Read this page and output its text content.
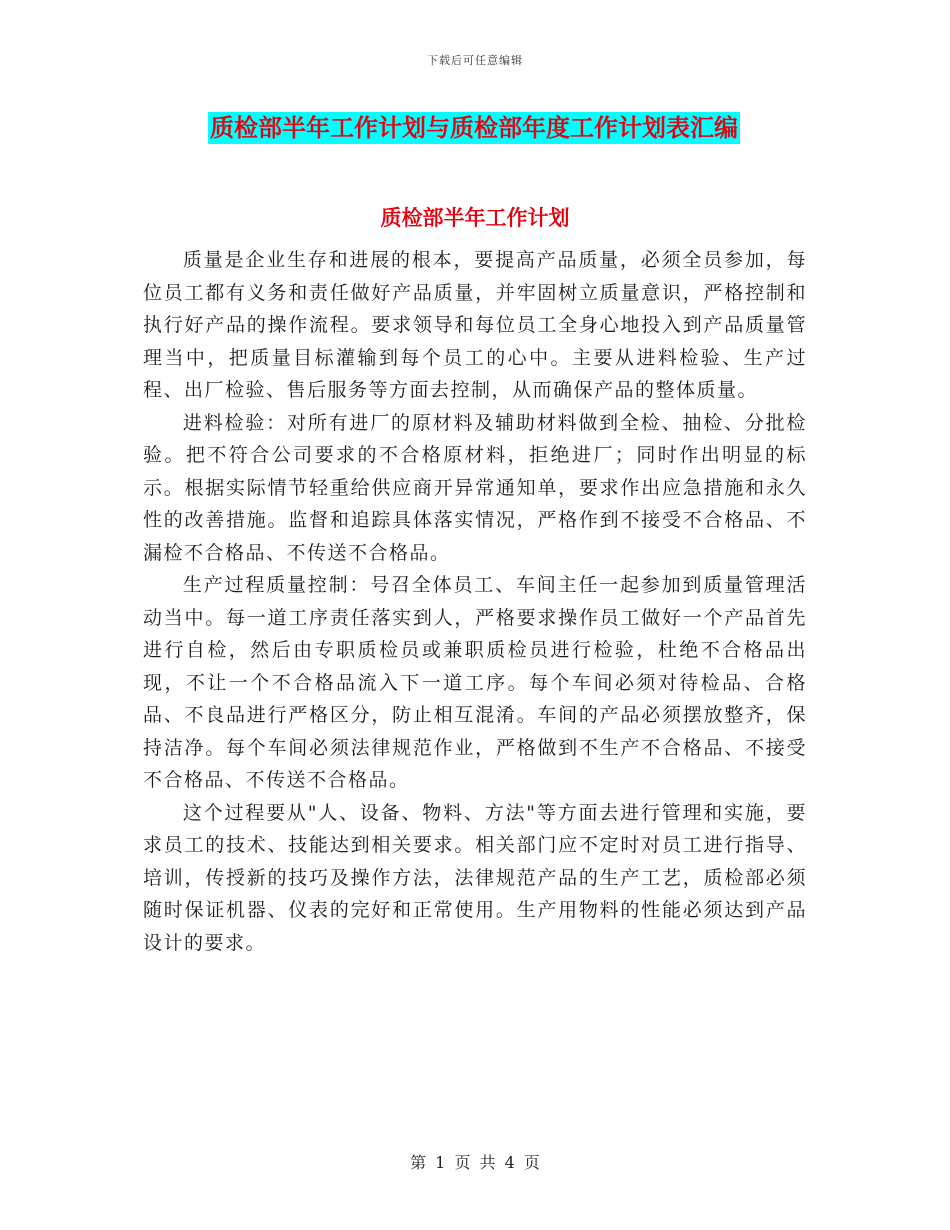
下载后可任意编辑
质检部半年工作计划与质检部年度工作计划表汇编
质检部半年工作计划

质量是企业生存和进展的根本，要提高产品质量，必须全员参加，每位员工都有义务和责任做好产品质量，并牢固树立质量意识，严格控制和执行好产品的操作流程。要求领导和每位员工全身心地投入到产品质量管理当中，把质量目标灌输到每个员工的心中。主要从进料检验、生产过程、出厂检验、售后服务等方面去控制，从而确保产品的整体质量。

进料检验：对所有进厂的原材料及辅助材料做到全检、抽检、分批检验。把不符合公司要求的不合格原材料，拒绝进厂；同时作出明显的标示。根据实际情节轻重给供应商开异常通知单，要求作出应急措施和永久性的改善措施。监督和追踪具体落实情况，严格作到不接受不合格品、不漏检不合格品、不传送不合格品。

生产过程质量控制：号召全体员工、车间主任一起参加到质量管理活动当中。每一道工序责任落实到人，严格要求操作员工做好一个产品首先进行自检，然后由专职质检员或兼职质检员进行检验，杜绝不合格品出现，不让一个不合格品流入下一道工序。每个车间必须对待检品、合格品、不良品进行严格区分，防止相互混淆。车间的产品必须摆放整齐，保持洁净。每个车间必须法律规范作业，严格做到不生产不合格品、不接受不合格品、不传送不合格品。

这个过程要从"人、设备、物料、方法"等方面去进行管理和实施，要求员工的技术、技能达到相关要求。相关部门应不定时对员工进行指导、培训，传授新的技巧及操作方法，法律规范产品的生产工艺，质检部必须随时保证机器、仪表的完好和正常使用。生产用物料的性能必须达到产品设计的要求。

第 1 页 共 4 页
